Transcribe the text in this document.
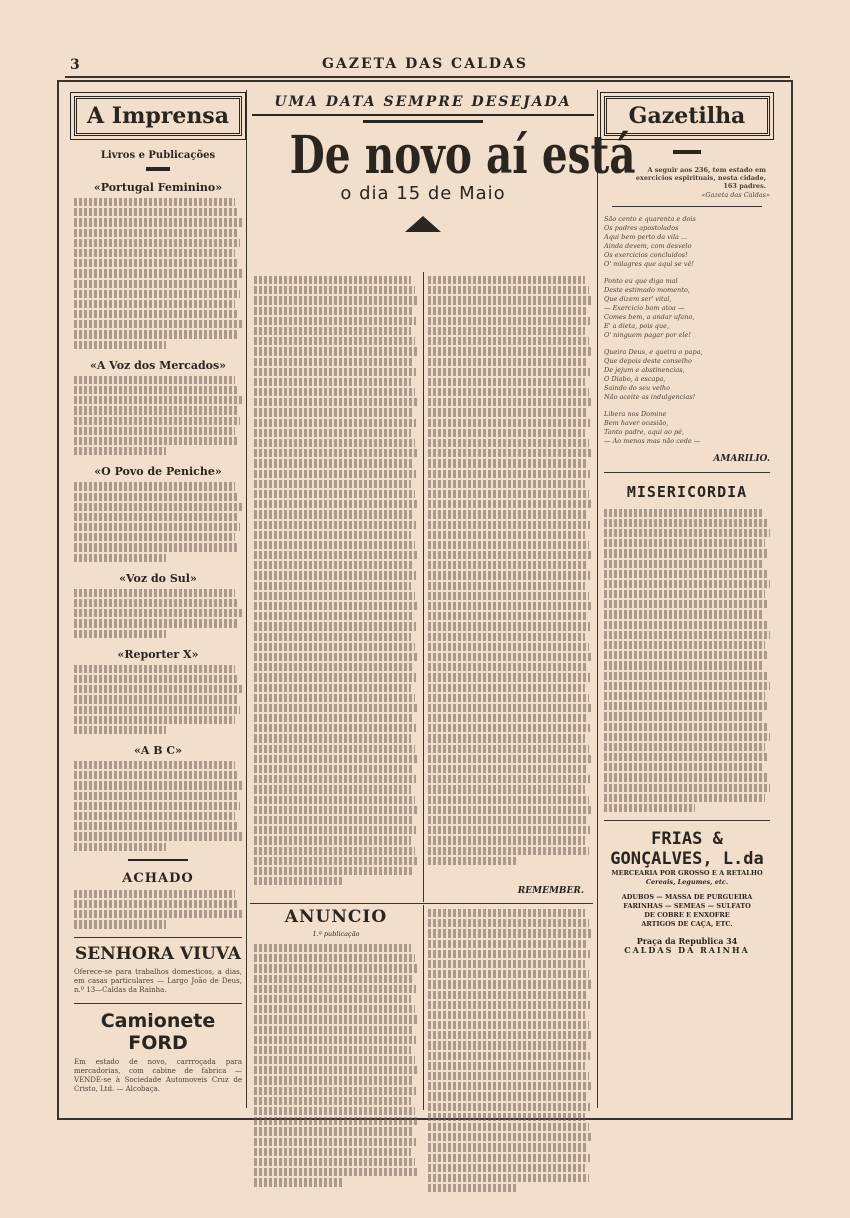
3	GAZETA DAS CALDAS
A Imprensa
Livros e Publicações
«Portugal Feminino»
«A Voz dos Mercados»
«O Povo de Peniche»
«Voz do Sul»
«Reporter X»
«A B C»
ACHADO
SENHORA VIUVA
Oferece-se para trabalhos domesticos, a dias, em casas particulares — Largo João de Deus, n.º 13—Caldas da Rainha.
Camionete FORD
Em estado de novo, carrroçada para mercadorias, com cabine de fabrica — VENDE-se à Sociedade Automoveis Cruz de Cristo, Ltd. — Alcobaça.
UMA DATA SEMPRE DESEJADA
De novo aí está
o dia 15 de Maio
REMEMBER.
ANUNCIO
1.ª publicação
Gazetilha
A seguir aos 236, tem estado em exercicios espirituais, nesta cidade, 163 padres.
«Gazeta das Caldas»
São cento e quarenta e dois
Os padres apostolados
Aqui bem perto da vila ...
Ainda devem, com desvelo
Os exercicios concluidos!
O' milagres que aqui se vê!
Ponto eu que diga mal
Deste estimado momento,
Que dizem ser' vital,
— Exercicio bom atoa —
Comes bem, a andar ufano,
E' a dieta, pois que,
O' ninguem pagar por ele!
Queira Deus, e queira o papa,
Que depois deste conselho
De jejum e abstinencias,
O Diabo, à escapa,
Saindo do seu velho
Não aceite as indulgencias!
Libera nos Domine
Bem haver ocasião,
Tanto padre, aqui ao pé,
— Ao menos mas não cede —
AMARILIO.
MISERICORDIA
FRIAS & GONÇALVES, L.da
MERCEARIA POR GROSSO E A RETALHO
Cereais, Legumes, etc.
ADUBOS — MASSA DE PURGUEIRA
FARINHAS — SEMEAS — SULFATO
DE COBRE E ENXOFRE
ARTIGOS DE CAÇA, ETC.
Praça da Republica 34
CALDAS DA RAINHA
